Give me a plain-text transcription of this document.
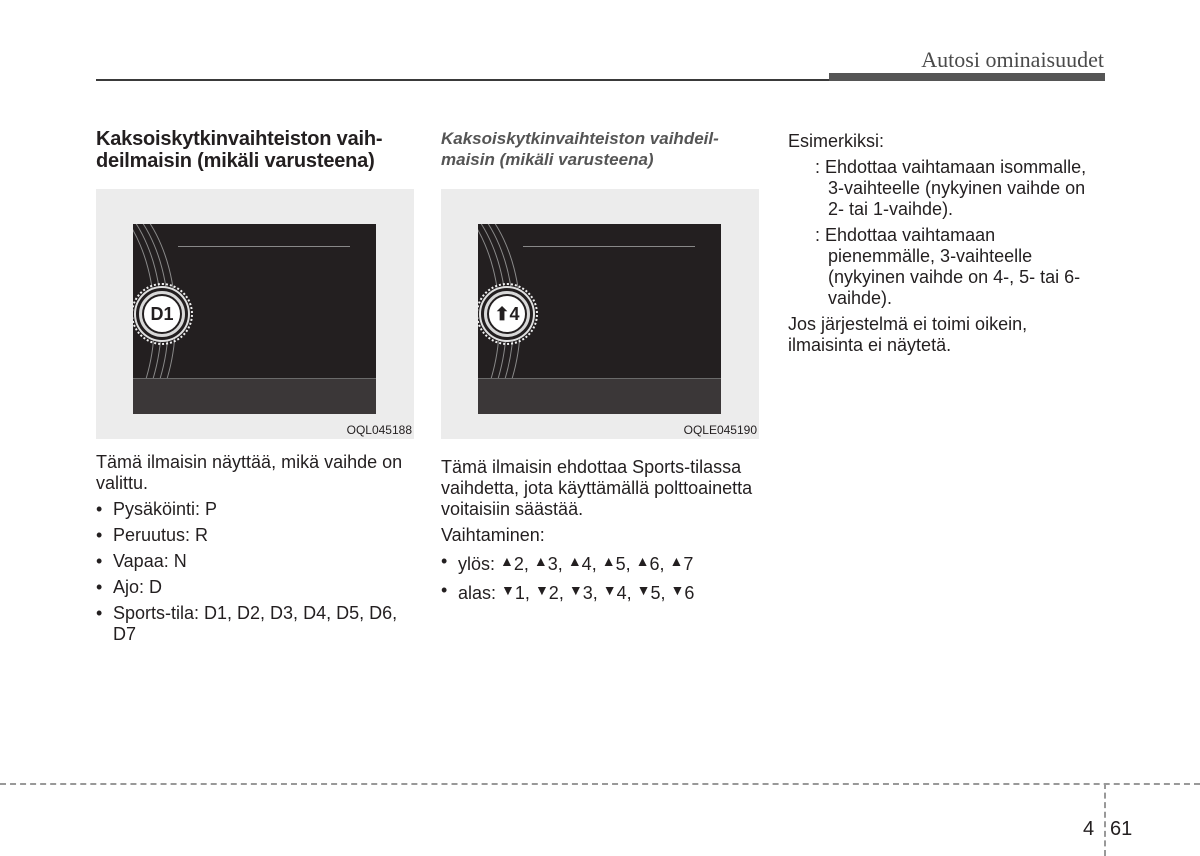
Autosi ominaisuudet
Kaksoiskytkinvaihteiston vaih-deilmaisin (mikäli varusteena)
D1
OQL045188

Tämä ilmaisin näyttää, mikä vaihde on valittu.

• Pysäköinti: P
• Peruutus: R
• Vapaa: N
• Ajo: D
• Sports-tila: D1, D2, D3, D4, D5, D6, D7
Kaksoiskytkinvaihteiston vaihdeil-maisin (mikäli varusteena)
⬆4
OQLE045190

Tämä ilmaisin ehdottaa Sports-tilassa vaihdetta, jota käyttämällä polttoainetta voitaisiin säästää.

Vaihtaminen:

• ylös: ▲2, ▲3, ▲4, ▲5, ▲6, ▲7
• alas: ▼1, ▼2, ▼3, ▼4, ▼5, ▼6

Esimerkiksi:

: Ehdottaa vaihtamaan isommalle, 3-vaihteelle (nykyinen vaihde on 2- tai 1-vaihde).
: Ehdottaa vaihtamaan pienemmälle, 3-vaihteelle (nykyinen vaihde on 4-, 5- tai 6-vaihde).

Jos järjestelmä ei toimi oikein, ilmaisinta ei näytetä.

4 61
